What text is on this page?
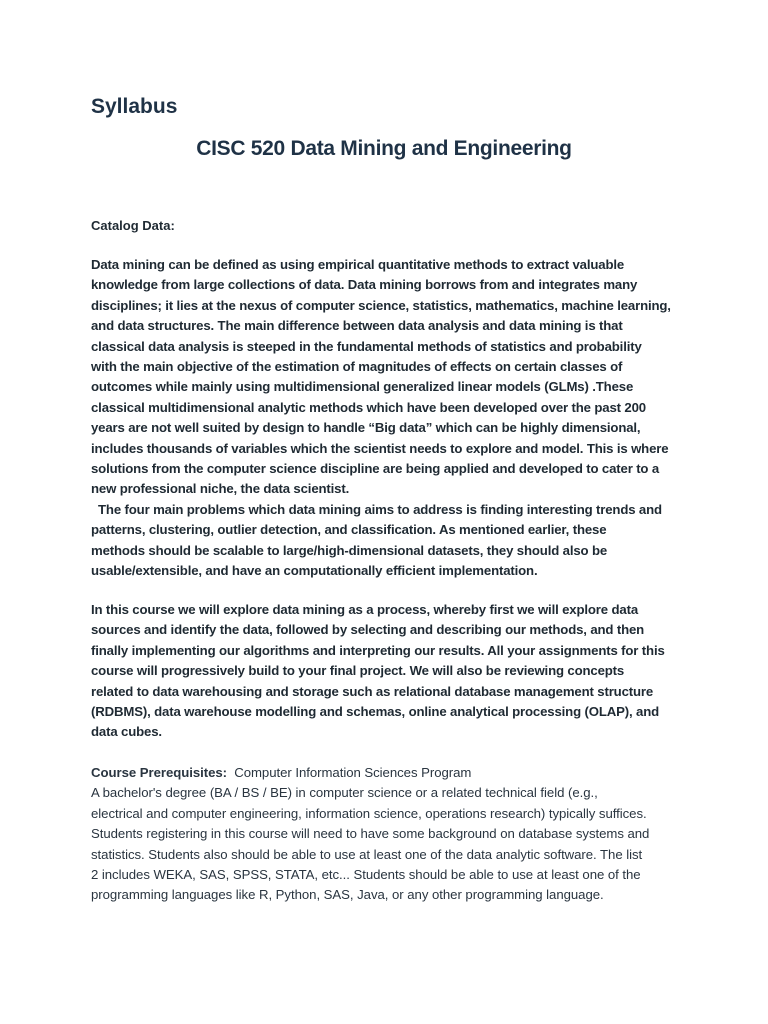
Syllabus
CISC 520 Data Mining and Engineering

Catalog Data:

Data mining can be defined as using empirical quantitative methods to extract valuable
knowledge from large collections of data. Data mining borrows from and integrates many
disciplines; it lies at the nexus of computer science, statistics, mathematics, machine learning,
and data structures. The main difference between data analysis and data mining is that
classical data analysis is steeped in the fundamental methods of statistics and probability
with the main objective of the estimation of magnitudes of effects on certain classes of
outcomes while mainly using multidimensional generalized linear models (GLMs) .These
classical multidimensional analytic methods which have been developed over the past 200
years are not well suited by design to handle “Big data” which can be highly dimensional,
includes thousands of variables which the scientist needs to explore and model. This is where
solutions from the computer science discipline are being applied and developed to cater to a
new professional niche, the data scientist.
The four main problems which data mining aims to address is finding interesting trends and
patterns, clustering, outlier detection, and classification. As mentioned earlier, these
methods should be scalable to large/high-dimensional datasets, they should also be
usable/extensible, and have an computationally efficient implementation.

In this course we will explore data mining as a process, whereby first we will explore data
sources and identify the data, followed by selecting and describing our methods, and then
finally implementing our algorithms and interpreting our results. All your assignments for this
course will progressively build to your final project. We will also be reviewing concepts
related to data warehousing and storage such as relational database management structure
(RDBMS), data warehouse modelling and schemas, online analytical processing (OLAP), and
data cubes.

Course Prerequisites:  Computer Information Sciences Program
A bachelor's degree (BA / BS / BE) in computer science or a related technical field (e.g.,
electrical and computer engineering, information science, operations research) typically suffices.
Students registering in this course will need to have some background on database systems and
statistics. Students also should be able to use at least one of the data analytic software. The list
2 includes WEKA, SAS, SPSS, STATA, etc... Students should be able to use at least one of the
programming languages like R, Python, SAS, Java, or any other programming language.
